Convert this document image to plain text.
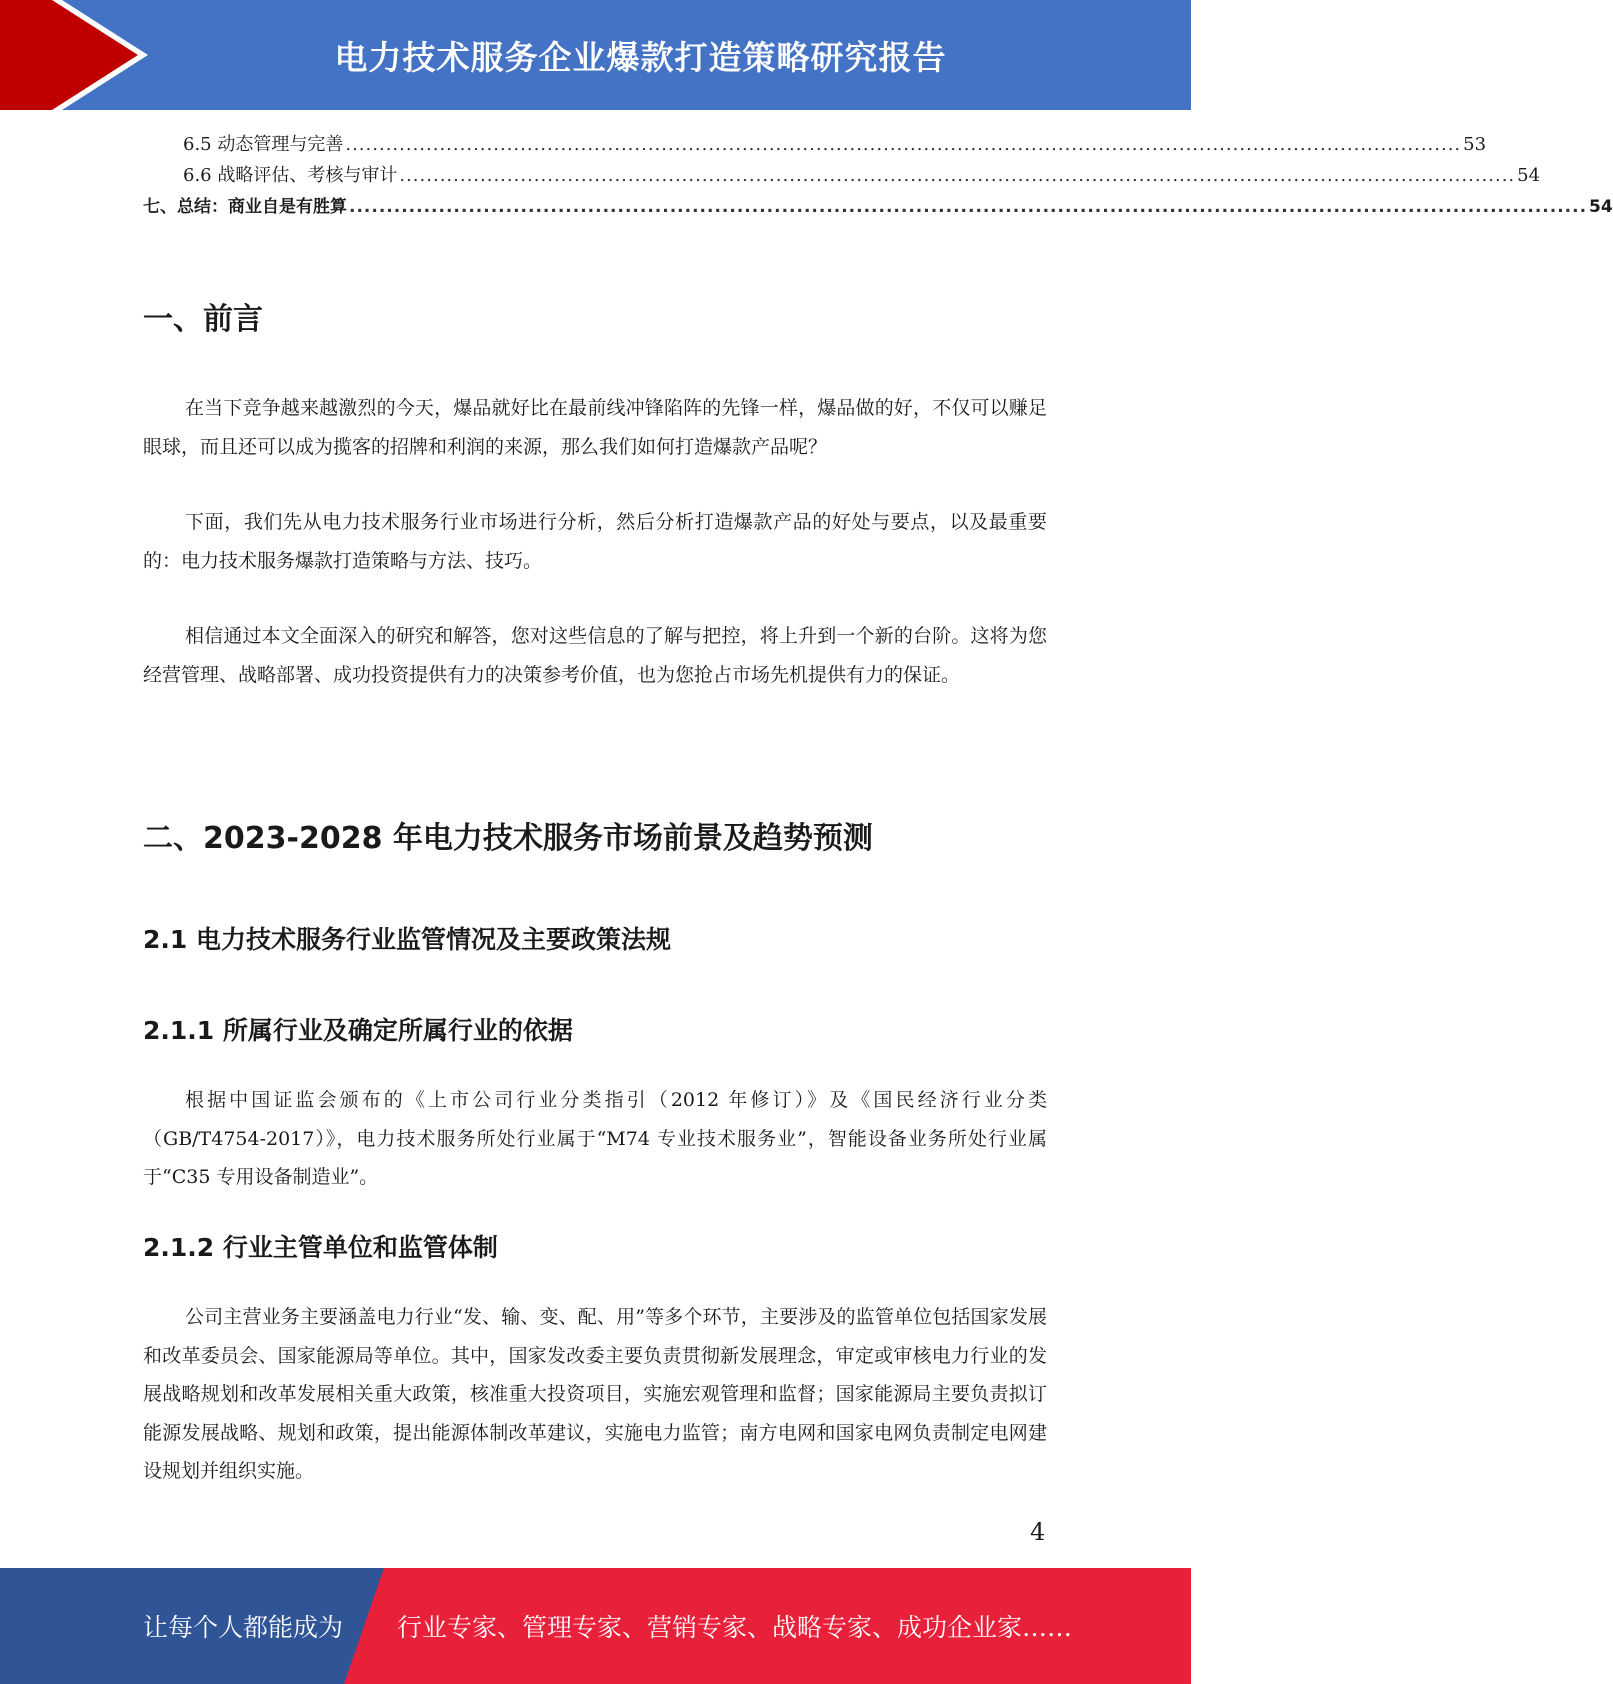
电力技术服务企业爆款打造策略研究报告
6.5 动态管理与完善 ...................................................................................................................................................................... 53
6.6 战略评估、考核与审计 ...................................................................................................................................................................... 54
七、总结：商业自是有胜算 ...................................................................................................................................................................... 54
一、前言

在当下竞争越来越激烈的今天，爆品就好比在最前线冲锋陷阵的先锋一样，爆品做的好，不仅可以赚足眼球，而且还可以成为揽客的招牌和利润的来源，那么我们如何打造爆款产品呢？

下面，我们先从电力技术服务行业市场进行分析，然后分析打造爆款产品的好处与要点，以及最重要的：电力技术服务爆款打造策略与方法、技巧。

相信通过本文全面深入的研究和解答，您对这些信息的了解与把控，将上升到一个新的台阶。这将为您经营管理、战略部署、成功投资提供有力的决策参考价值，也为您抢占市场先机提供有力的保证。

二、2023-2028 年电力技术服务市场前景及趋势预测
2.1 电力技术服务行业监管情况及主要政策法规
2.1.1 所属行业及确定所属行业的依据

根据中国证监会颁布的《上市公司行业分类指引（2012 年修订）》及《国民经济行业分类（GB/T4754-2017）》，电力技术服务所处行业属于“M74 专业技术服务业”，智能设备业务所处行业属于“C35 专用设备制造业”。

2.1.2 行业主管单位和监管体制

公司主营业务主要涵盖电力行业“发、输、变、配、用”等多个环节，主要涉及的监管单位包括国家发展和改革委员会、国家能源局等单位。其中，国家发改委主要负责贯彻新发展理念，审定或审核电力行业的发展战略规划和改革发展相关重大政策，核准重大投资项目，实施宏观管理和监督；国家能源局主要负责拟订能源发展战略、规划和政策，提出能源体制改革建议，实施电力监管；南方电网和国家电网负责制定电网建设规划并组织实施。

4
让每个人都能成为 行业专家、管理专家、营销专家、战略专家、成功企业家……
